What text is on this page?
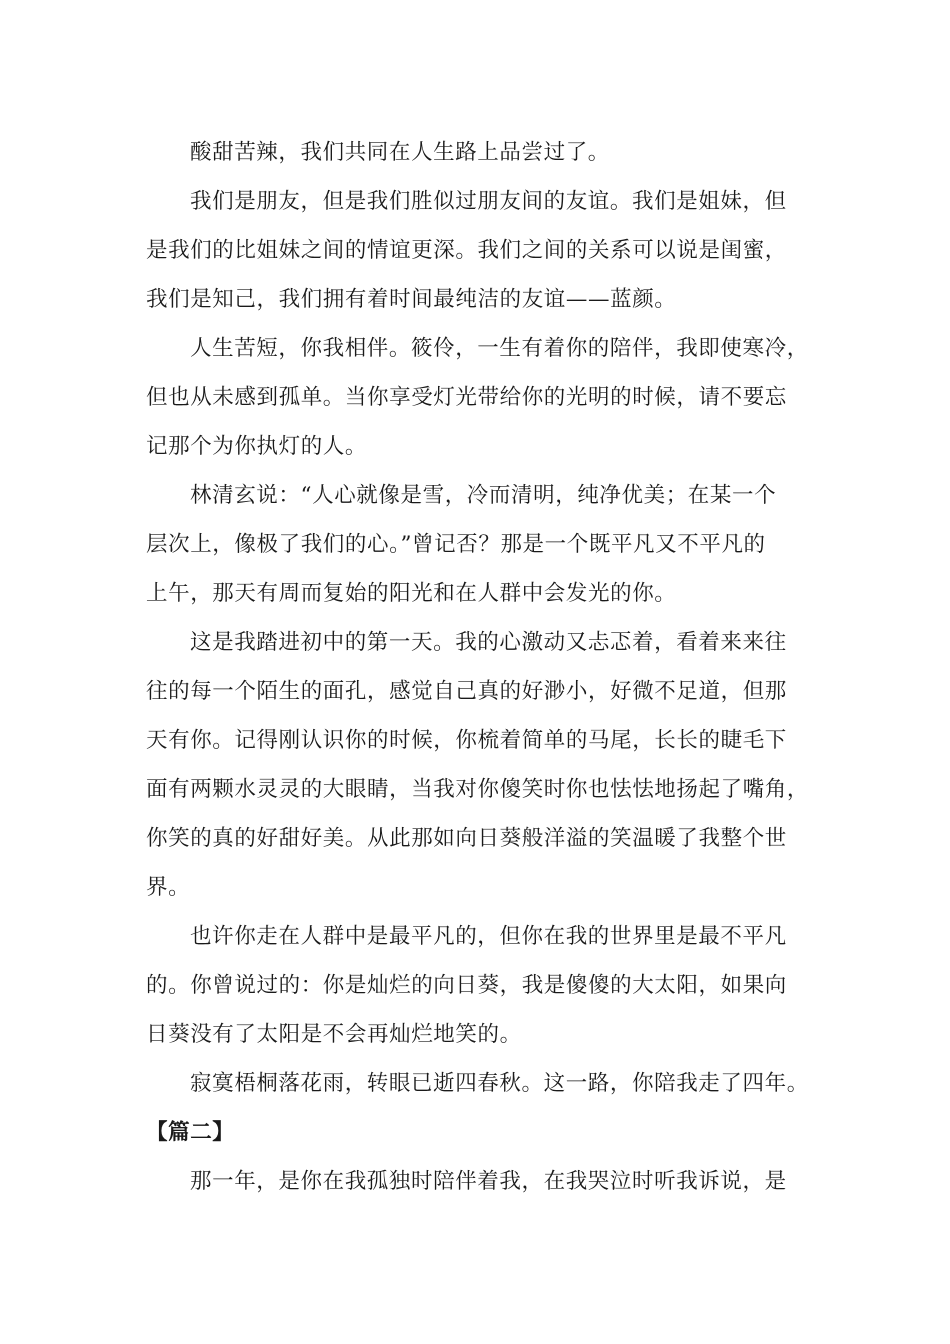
酸甜苦辣，我们共同在人生路上品尝过了。
我们是朋友，但是我们胜似过朋友间的友谊。我们是姐妹，但
是我们的比姐妹之间的情谊更深。我们之间的关系可以说是闺蜜，
我们是知己，我们拥有着时间最纯洁的友谊——蓝颜。
人生苦短，你我相伴。筱伶，一生有着你的陪伴，我即使寒冷，
但也从未感到孤单。当你享受灯光带给你的光明的时候，请不要忘
记那个为你执灯的人。
林清玄说：“人心就像是雪，冷而清明，纯净优美；在某一个
层次上，像极了我们的心。”曾记否？那是一个既平凡又不平凡的
上午，那天有周而复始的阳光和在人群中会发光的你。
这是我踏进初中的第一天。我的心激动又忐忑着，看着来来往
往的每一个陌生的面孔，感觉自己真的好渺小，好微不足道，但那
天有你。记得刚认识你的时候，你梳着简单的马尾，长长的睫毛下
面有两颗水灵灵的大眼睛，当我对你傻笑时你也怯怯地扬起了嘴角，
你笑的真的好甜好美。从此那如向日葵般洋溢的笑温暖了我整个世
界。
也许你走在人群中是最平凡的，但你在我的世界里是最不平凡
的。你曾说过的：你是灿烂的向日葵，我是傻傻的大太阳，如果向
日葵没有了太阳是不会再灿烂地笑的。
寂寞梧桐落花雨，转眼已逝四春秋。这一路，你陪我走了四年。
【篇二】
那一年，是你在我孤独时陪伴着我，在我哭泣时听我诉说，是
